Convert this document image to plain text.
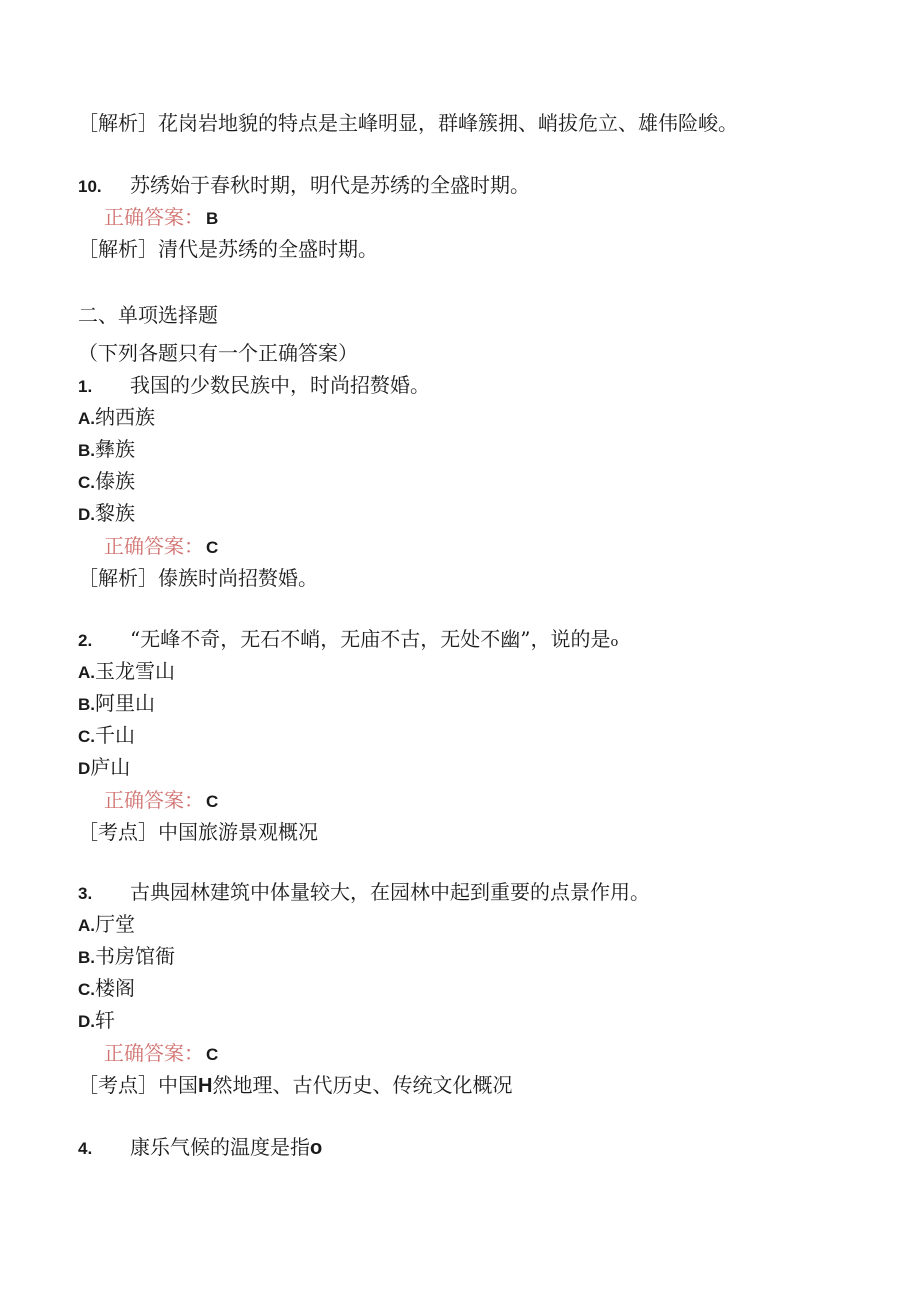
［解析］花岗岩地貌的特点是主峰明显，群峰簇拥、峭拔危立、雄伟险峻。
10. 苏绣始于春秋时期，明代是苏绣的全盛时期。
正确答案： B
［解析］清代是苏绣的全盛时期。
二、单项选择题
（下列各题只有一个正确答案）
1. 我国的少数民族中，时尚招赘婚。
A.纳西族
B.彝族
C.傣族
D.黎族
正确答案： C
［解析］傣族时尚招赘婚。
2. “无峰不奇，无石不峭，无庙不古，无处不幽”，说的是o
A.玉龙雪山
B.阿里山
C.千山
D庐山
正确答案： C
［考点］中国旅游景观概况
3. 古典园林建筑中体量较大，在园林中起到重要的点景作用。
A.厅堂
B.书房馆衙
C.楼阁
D.轩
正确答案： C
［考点］中国H然地理、古代历史、传统文化概况
4. 康乐气候的温度是指o
